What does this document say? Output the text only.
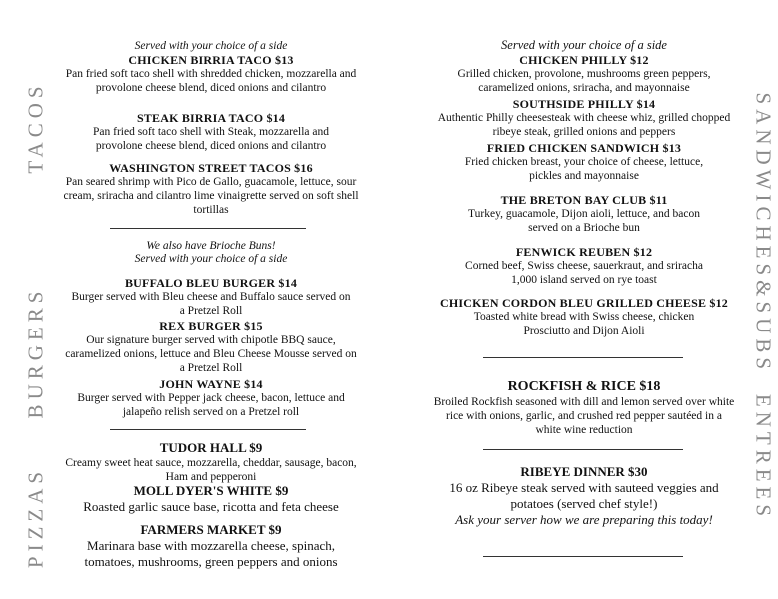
TACOS
BURGERS
PIZZAS
SANDWICHES&SUBS
ENTREES
Served with your choice of a side
CHICKEN BIRRIA TACO $13
Pan fried soft taco shell with shredded chicken, mozzarella and provolone cheese blend, diced onions and cilantro
STEAK BIRRIA TACO $14
Pan fried soft taco shell with Steak, mozzarella and provolone cheese blend, diced onions and cilantro
WASHINGTON STREET TACOS $16
Pan seared shrimp with Pico de Gallo, guacamole, lettuce, sour cream, sriracha and cilantro lime vinaigrette served on soft shell tortillas
We also have Brioche Buns!
Served with your choice of a side
BUFFALO BLEU BURGER $14
Burger served with Bleu cheese and Buffalo sauce served on a Pretzel Roll
REX BURGER $15
Our signature burger served with chipotle BBQ sauce, caramelized onions, lettuce and Bleu Cheese Mousse served on a Pretzel Roll
JOHN WAYNE $14
Burger served with Pepper jack cheese, bacon, lettuce and jalapeño relish served on a Pretzel roll
TUDOR HALL $9
Creamy sweet heat sauce, mozzarella, cheddar, sausage, bacon, Ham and pepperoni
MOLL DYER'S WHITE $9
Roasted garlic sauce base, ricotta and feta cheese
FARMERS MARKET $9
Marinara base with mozzarella cheese, spinach, tomatoes, mushrooms, green peppers and onions
Served with your choice of a side
CHICKEN PHILLY $12
Grilled chicken, provolone, mushrooms green peppers, caramelized onions, sriracha, and mayonnaise
SOUTHSIDE PHILLY $14
Authentic Philly cheesesteak with cheese whiz, grilled chopped ribeye steak, grilled onions and peppers
FRIED CHICKEN SANDWICH $13
Fried chicken breast, your choice of cheese, lettuce, pickles and mayonnaise
THE BRETON BAY CLUB $11
Turkey, guacamole, Dijon aioli, lettuce, and bacon served on a Brioche bun
FENWICK REUBEN $12
Corned beef, Swiss cheese, sauerkraut, and sriracha 1,000 island served on rye toast
CHICKEN CORDON BLEU GRILLED CHEESE $12
Toasted white bread with Swiss cheese, chicken Prosciutto and Dijon Aioli
ROCKFISH & RICE $18
Broiled Rockfish seasoned with dill and lemon served over white rice with onions, garlic, and crushed red pepper sautéed in a white wine reduction
RIBEYE DINNER $30
16 oz Ribeye steak served with sauteed veggies and potatoes (served chef style!)
Ask your server how we are preparing this today!
